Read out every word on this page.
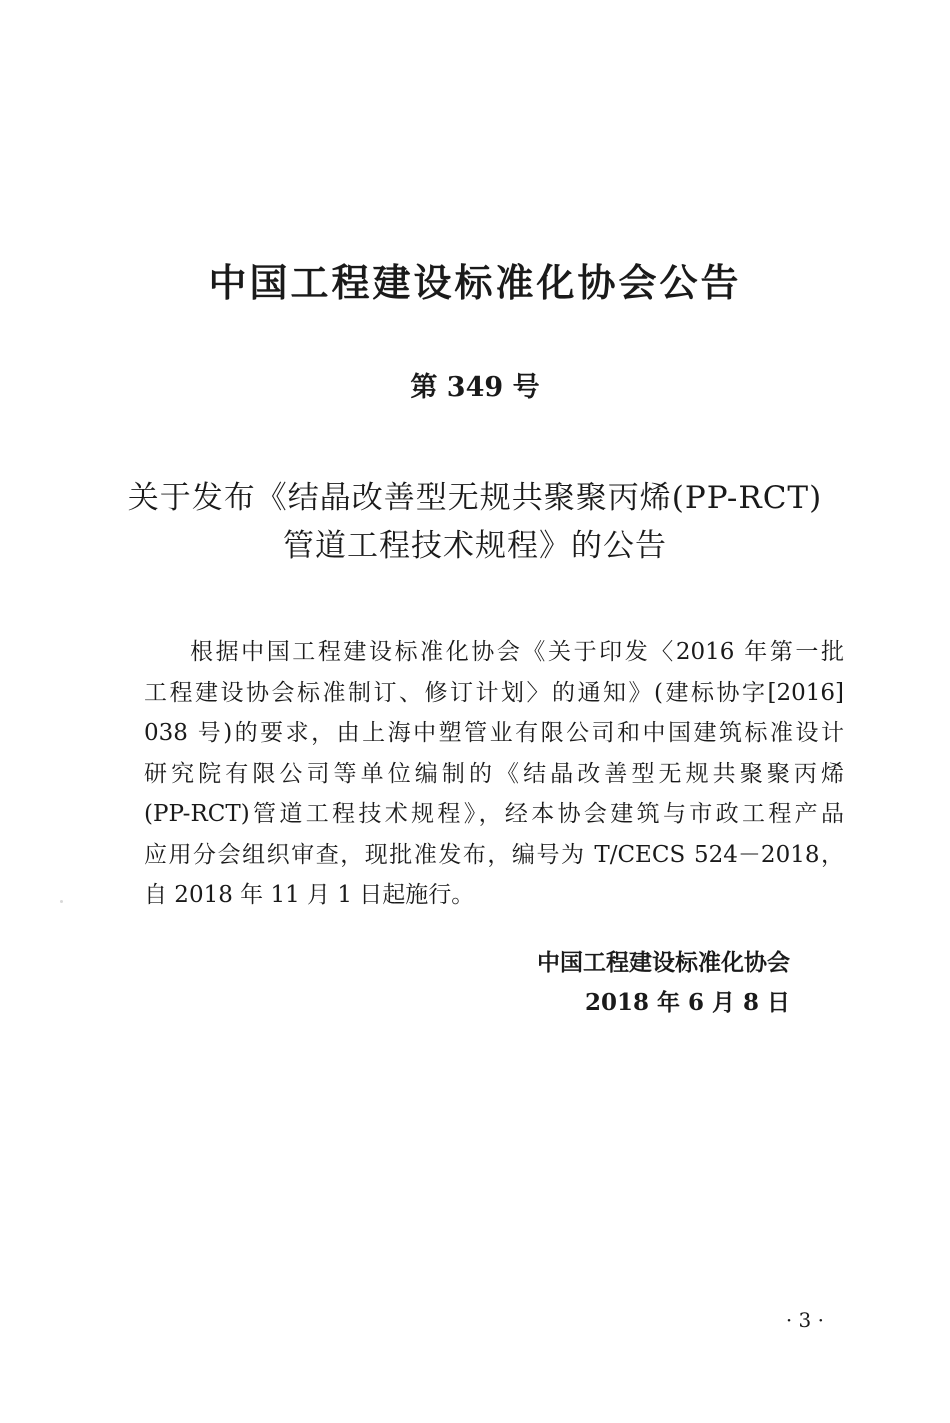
中国工程建设标准化协会公告
第 349 号
关于发布《结晶改善型无规共聚聚丙烯(PP-RCT)
管道工程技术规程》的公告
根据中国工程建设标准化协会《关于印发〈2016 年第一批
工程建设协会标准制订、修订计划〉的通知》(建标协字[2016]
038 号)的要求，由上海中塑管业有限公司和中国建筑标准设计
研究院有限公司等单位编制的《结晶改善型无规共聚聚丙烯
(PP-RCT)管道工程技术规程》，经本协会建筑与市政工程产品
应用分会组织审查，现批准发布，编号为 T/CECS 524－2018，
自 2018 年 11 月 1 日起施行。
中国工程建设标准化协会
2018 年 6 月 8 日
· 3 ·
